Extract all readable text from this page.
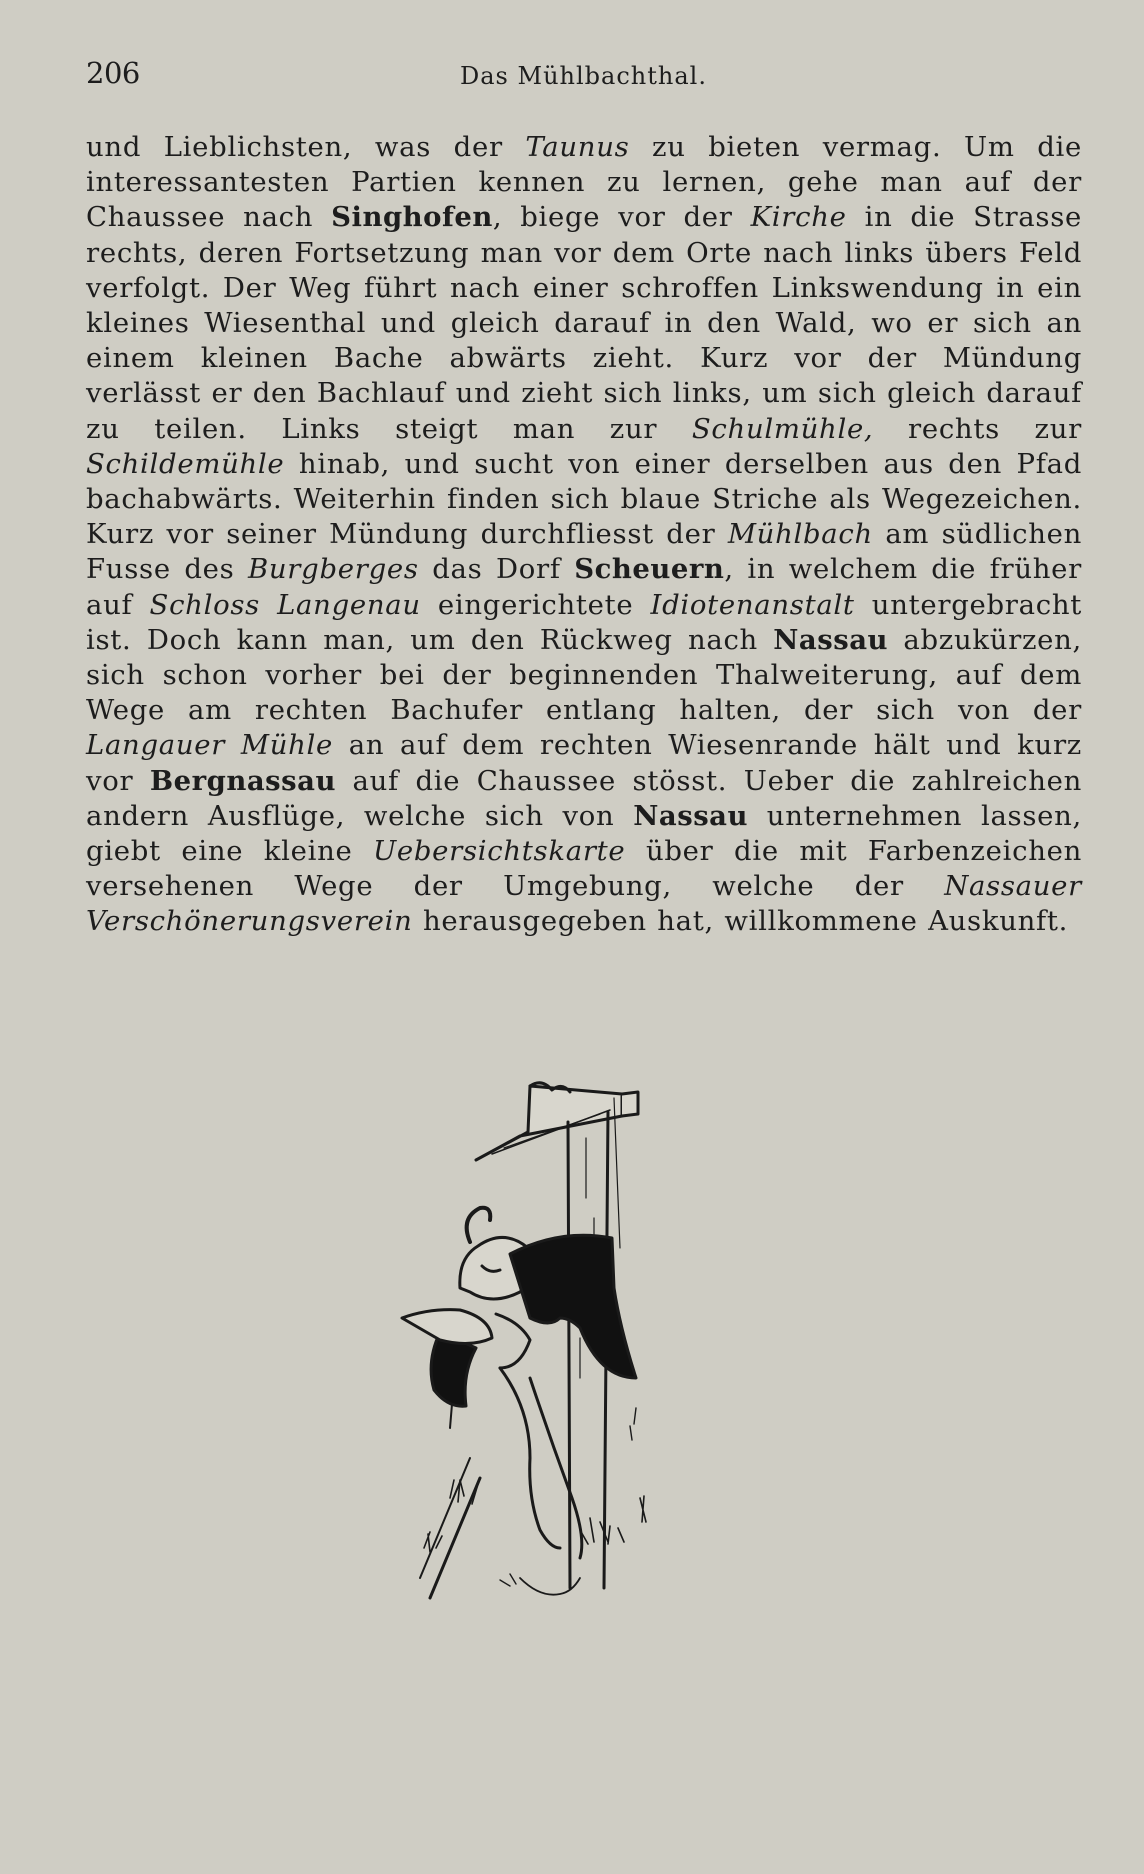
206	Das Mühlbachthal.
und Lieblichsten, was der Taunus zu bieten vermag. Um die interessantesten Partien kennen zu lernen, gehe man auf der Chaussee nach Singhofen, biege vor der Kirche in die Strasse rechts, deren Fortsetzung man vor dem Orte nach links übers Feld verfolgt. Der Weg führt nach einer schroffen Linkswendung in ein kleines Wiesenthal und gleich darauf in den Wald, wo er sich an einem kleinen Bache abwärts zieht. Kurz vor der Mündung verlässt er den Bachlauf und zieht sich links, um sich gleich darauf zu teilen. Links steigt man zur Schulmühle, rechts zur Schildemühle hinab, und sucht von einer derselben aus den Pfad bachabwärts. Weiterhin finden sich blaue Striche als Wegezeichen. Kurz vor seiner Mündung durchfliesst der Mühlbach am südlichen Fusse des Burgberges das Dorf Scheuern, in welchem die früher auf Schloss Langenau eingerichtete Idiotenanstalt untergebracht ist. Doch kann man, um den Rückweg nach Nassau abzukürzen, sich schon vorher bei der beginnenden Thalweiterung, auf dem Wege am rechten Bachufer entlang halten, der sich von der Langauer Mühle an auf dem rechten Wiesenrande hält und kurz vor Bergnassau auf die Chaussee stösst. Ueber die zahlreichen andern Ausflüge, welche sich von Nassau unternehmen lassen, giebt eine kleine Uebersichtskarte über die mit Farbenzeichen versehenen Wege der Umgebung, welche der Nassauer Verschönerungsverein herausgegeben hat, willkommene Auskunft.
